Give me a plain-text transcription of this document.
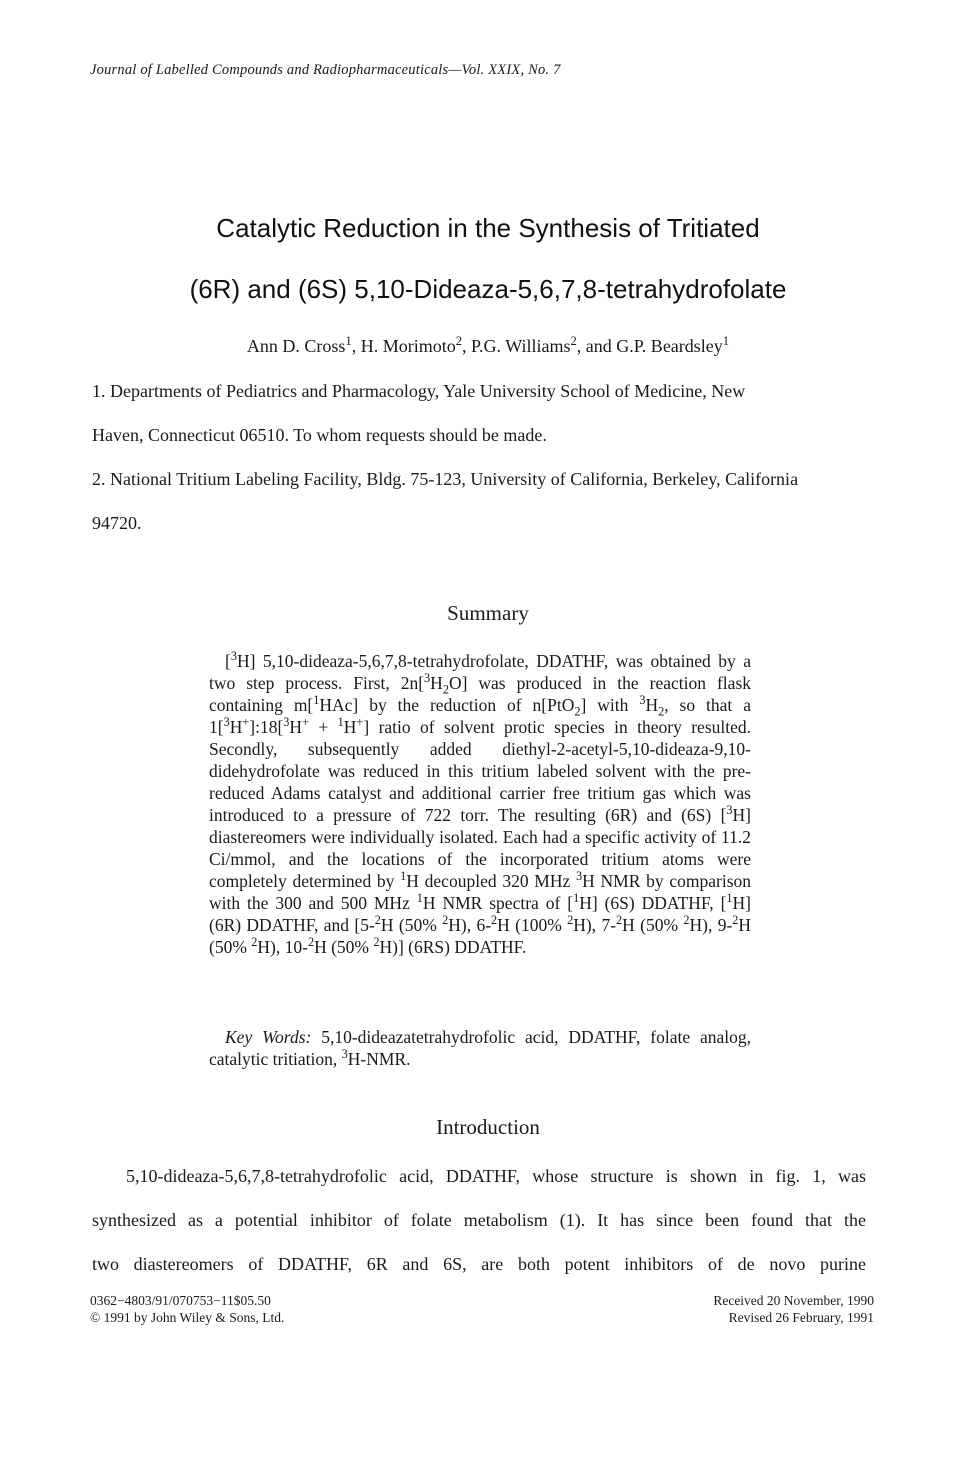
Journal of Labelled Compounds and Radiopharmaceuticals—Vol. XXIX, No. 7
Catalytic Reduction in the Synthesis of Tritiated
(6R) and (6S) 5,10-Dideaza-5,6,7,8-tetrahydrofolate
Ann D. Cross$^1$, H. Morimoto$^2$, P.G. Williams$^2$, and G.P. Beardsley$^1$
1. Departments of Pediatrics and Pharmacology, Yale University School of Medicine, New
Haven, Connecticut 06510. To whom requests should be made.
2. National Tritium Labeling Facility, Bldg. 75-123, University of California, Berkeley, California
94720.
Summary
[$^3$H] 5,10-dideaza-5,6,7,8-tetrahydrofolate, DDATHF, was obtained by a two step process. First, $2n[^3H_2O]$ was produced in the reaction flask containing m[$^1$HAc] by the reduction of n[PtO$_2$] with $^3H_2$, so that a 1[$^3$H+]:18[$^3$H+ + $^1$H+] ratio of solvent protic species in theory resulted. Secondly, subsequently added diethyl-2-acetyl-5,10-dideaza-9,10-didehydrofolate was reduced in this tritium labeled solvent with the pre-reduced Adams catalyst and additional carrier free tritium gas which was introduced to a pressure of 722 torr. The resulting (6R) and (6S) [$^3$H] diastereomers were individually isolated. Each had a specific activity of 11.2 Ci/mmol, and the locations of the incorporated tritium atoms were completely determined by $^1$H decoupled 320 MHz $^3$H NMR by comparison with the 300 and 500 MHz $^1$H NMR spectra of [$^1$H] (6S) DDATHF, [$^1$H] (6R) DDATHF, and [5-$^2$H (50% $^2$H), 6-$^2$H (100% $^2$H), 7-$^2$H (50% $^2$H), 9-$^2$H (50% $^2$H), 10-$^2$H (50% $^2$H)] (6RS) DDATHF.
Key Words: 5,10-dideazatetrahydrofolic acid, DDATHF, folate analog, catalytic tritiation, $^3$H-NMR.
Introduction
5,10-dideaza-5,6,7,8-tetrahydrofolic acid, DDATHF, whose structure is shown in fig. 1, was
synthesized as a potential inhibitor of folate metabolism (1). It has since been found that the
two diastereomers of DDATHF, 6R and 6S, are both potent inhibitors of de novo purine
0362−4803/91/070753−11$05.50
© 1991 by John Wiley & Sons, Ltd.
Received 20 November, 1990
Revised 26 February, 1991
